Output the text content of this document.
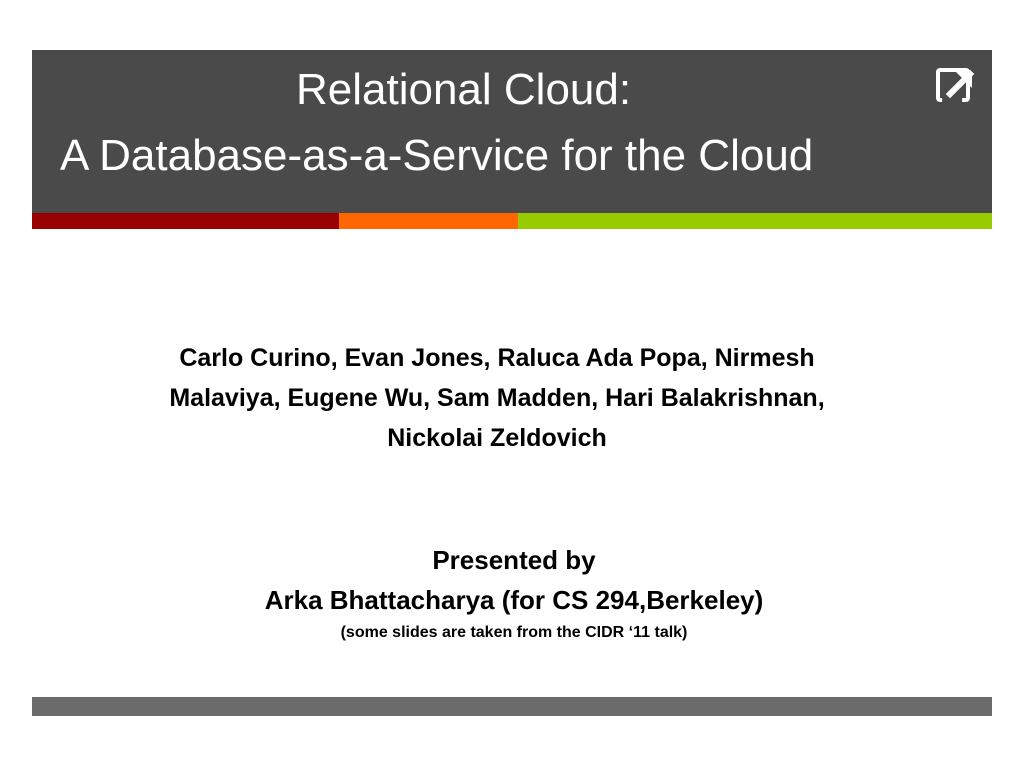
Relational Cloud:
A Database-as-a-Service for the Cloud
Carlo Curino, Evan Jones, Raluca Ada Popa, Nirmesh
Malaviya, Eugene Wu, Sam Madden, Hari Balakrishnan,
Nickolai Zeldovich
Presented by
Arka Bhattacharya (for CS 294,Berkeley)
(some slides are taken from the CIDR ‘11 talk)
